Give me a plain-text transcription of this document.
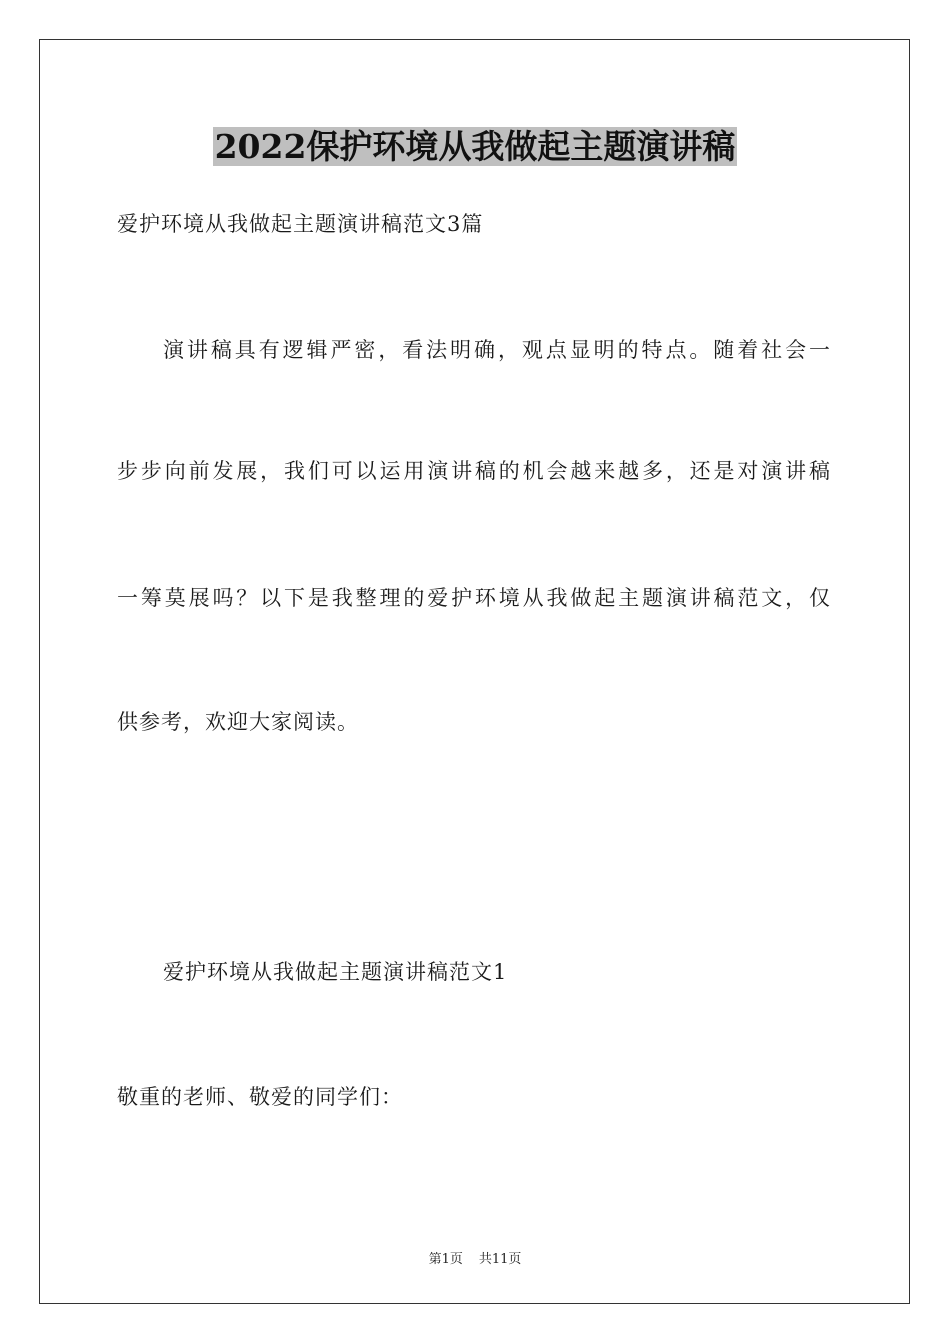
2022保护环境从我做起主题演讲稿
爱护环境从我做起主题演讲稿范文3篇
演讲稿具有逻辑严密，看法明确，观点显明的特点。随着社会一
步步向前发展，我们可以运用演讲稿的机会越来越多，还是对演讲稿
一筹莫展吗？以下是我整理的爱护环境从我做起主题演讲稿范文，仅
供参考，欢迎大家阅读。
爱护环境从我做起主题演讲稿范文1
敬重的老师、敬爱的同学们：
第1页 共11页
